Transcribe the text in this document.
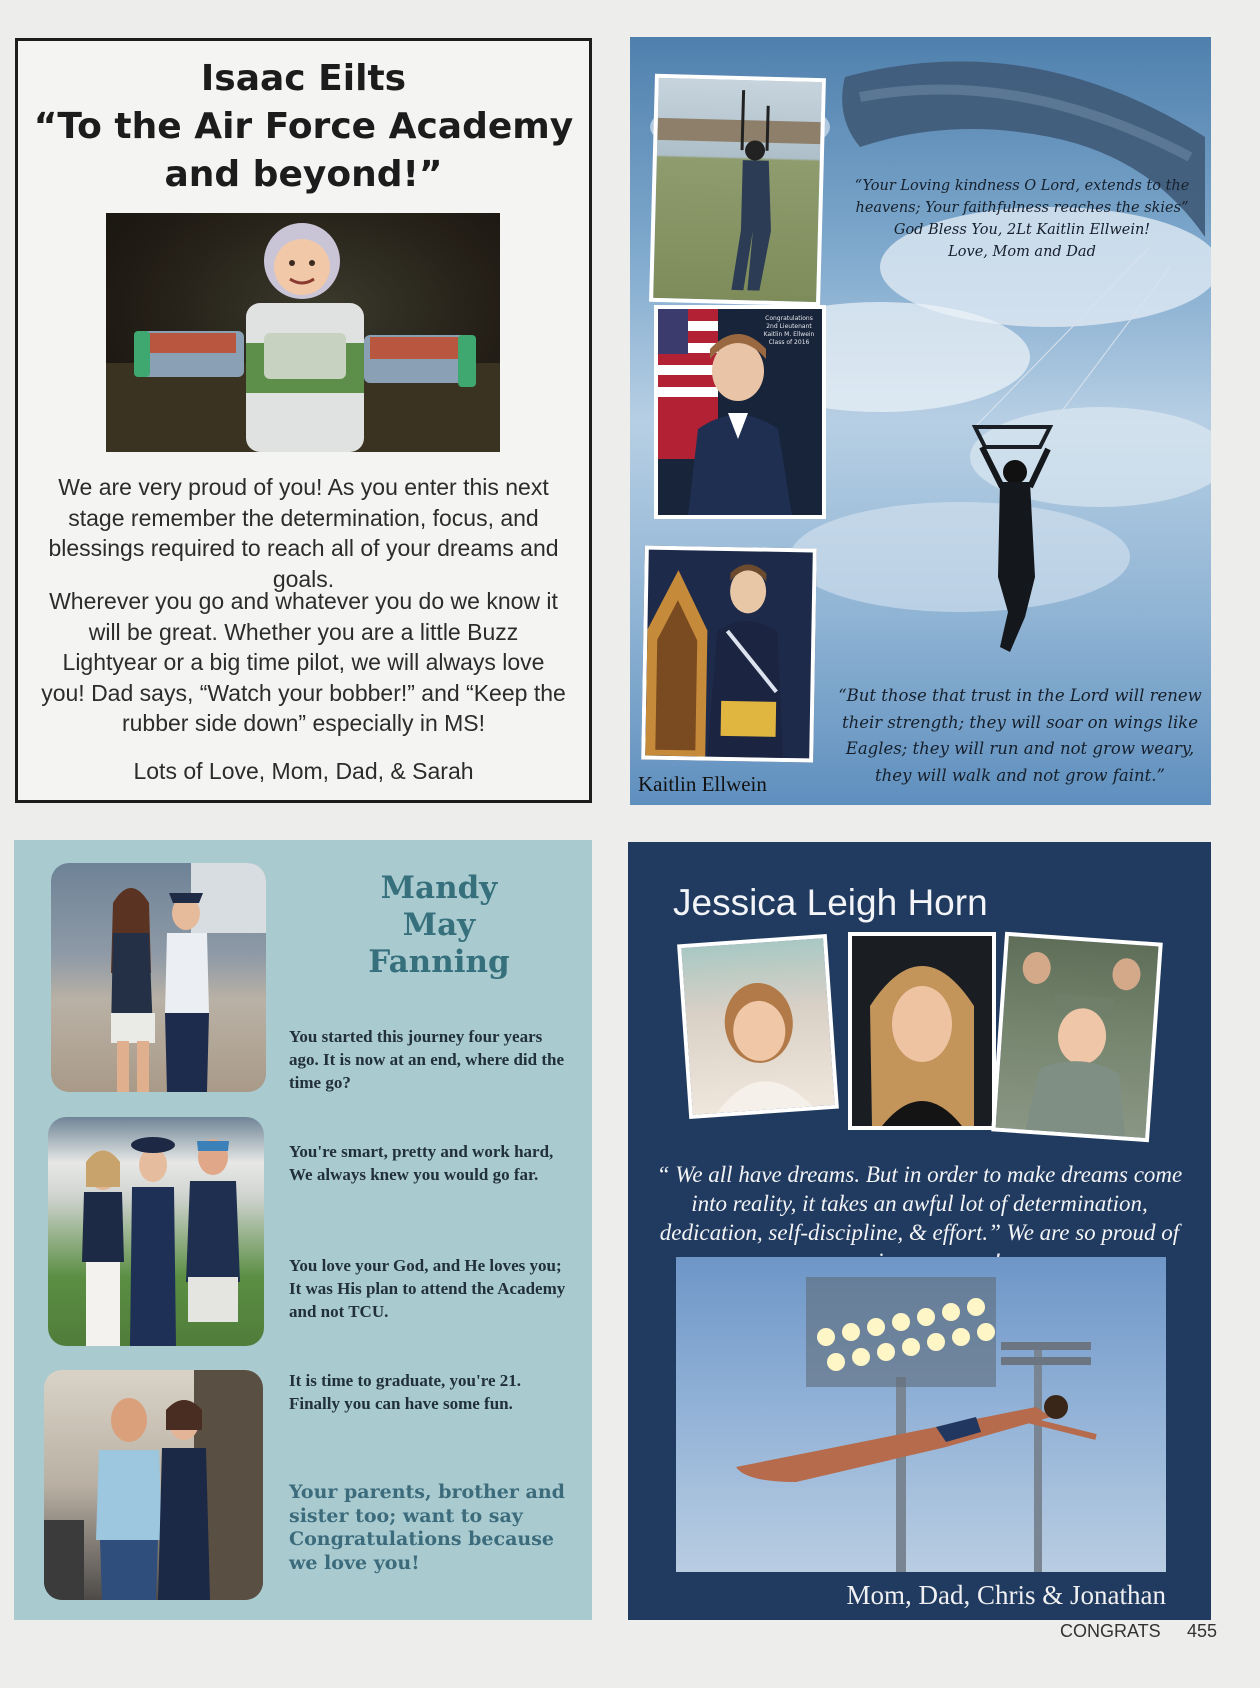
Isaac Eilts
“To the Air Force Academy
and beyond!”
We are very proud of you! As you enter this next stage remember the determination, focus, and blessings required to reach all of your dreams and goals.
Wherever you go and whatever you do we know it will be great. Whether you are a little Buzz Lightyear or a big time pilot, we will always love you! Dad says, “Watch your bobber!” and “Keep the rubber side down” especially in MS!
Lots of Love, Mom, Dad, & Sarah
Congratulations
2nd Lieutenant
Kaitlin M. Ellwein
Class of 2016
“Your Loving kindness O Lord, extends to the
heavens; Your faithfulness reaches the skies”
God Bless You, 2Lt Kaitlin Ellwein!
Love, Mom and Dad
“But those that trust in the Lord will renew
their strength; they will soar on wings like
Eagles; they will run and not grow weary,
they will walk and not grow faint.”
Kaitlin Ellwein
Mandy
May
Fanning
You started this journey four years ago. It is now at an end, where did the time go?
You're smart, pretty and work hard, We always knew you would go far.
You love your God, and He loves you; It was His plan to attend the Academy and not TCU.
It is time to graduate, you're 21. Finally you can have some fun.
Your parents, brother and sister too; want to say Congratulations because we love you!
Jessica Leigh Horn
“ We all have dreams. But in order to make dreams come into reality, it takes an awful lot of determination, dedication, self-discipline, & effort.” We are so proud of
Mom, Dad, Chris & Jonathan
CONGRATS 455
